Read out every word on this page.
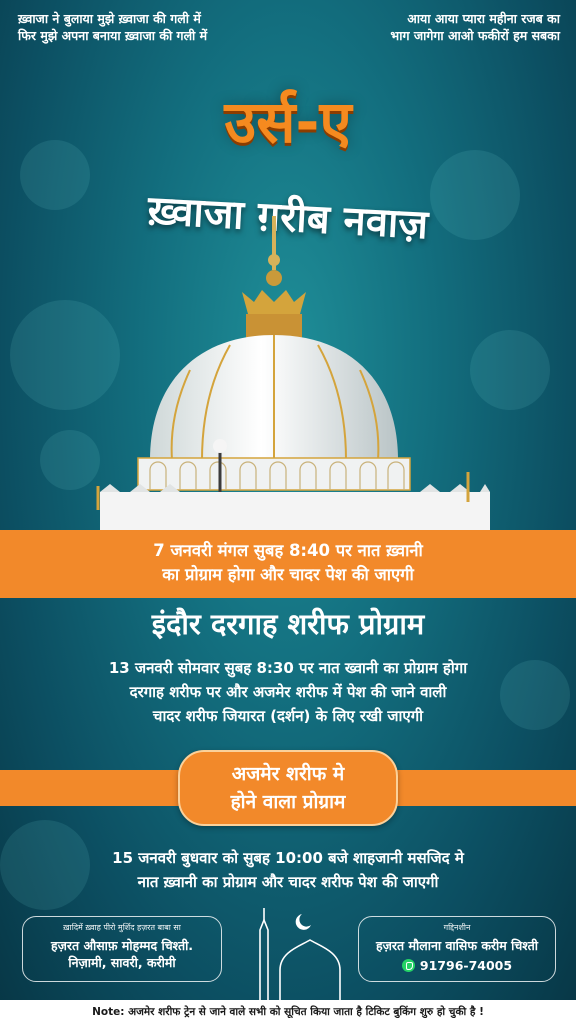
ख़्वाजा ने बुलाया मुझे ख़्वाजा की गली में
फिर मुझे अपना बनाया ख़्वाजा की गली में
आया आया प्यारा महीना रजब का
भाग जागेगा आओ फकीरों हम सबका
उर्स-ए
ख़्वाजा ग़रीब नवाज़
7 जनवरी मंगल सुबह 8:40 पर नात ख़्वानी
का प्रोग्राम होगा और चादर पेश की जाएगी
इंदौर दरगाह शरीफ प्रोग्राम
13 जनवरी सोमवार सुबह 8:30 पर नात ख्वानी का प्रोग्राम होगा
दरगाह शरीफ पर और अजमेर शरीफ में पेश की जाने वाली
चादर शरीफ जियारत (दर्शन) के लिए रखी जाएगी
अजमेर शरीफ मे
होने वाला प्रोग्राम
15 जनवरी बुधवार को सुबह 10:00 बजे शाहजानी मसजिद मे
नात ख़्वानी का प्रोग्राम और चादर शरीफ पेश की जाएगी
ख़ादिमें ख़्वाह पीरो मुर्शिद हज़रत बाबा सा
हज़रत औसाफ़ मोहम्मद चिश्ती.
निज़ामी, सावरी, करीमी
गद्दिनशीन
हज़रत मौलाना वासिफ करीम चिश्ती
91796-74005
Note: अजमेर शरीफ ट्रेन से जाने वाले सभी को सूचित किया जाता है टिकिट बुकिंग शुरु हो चुकी है !
